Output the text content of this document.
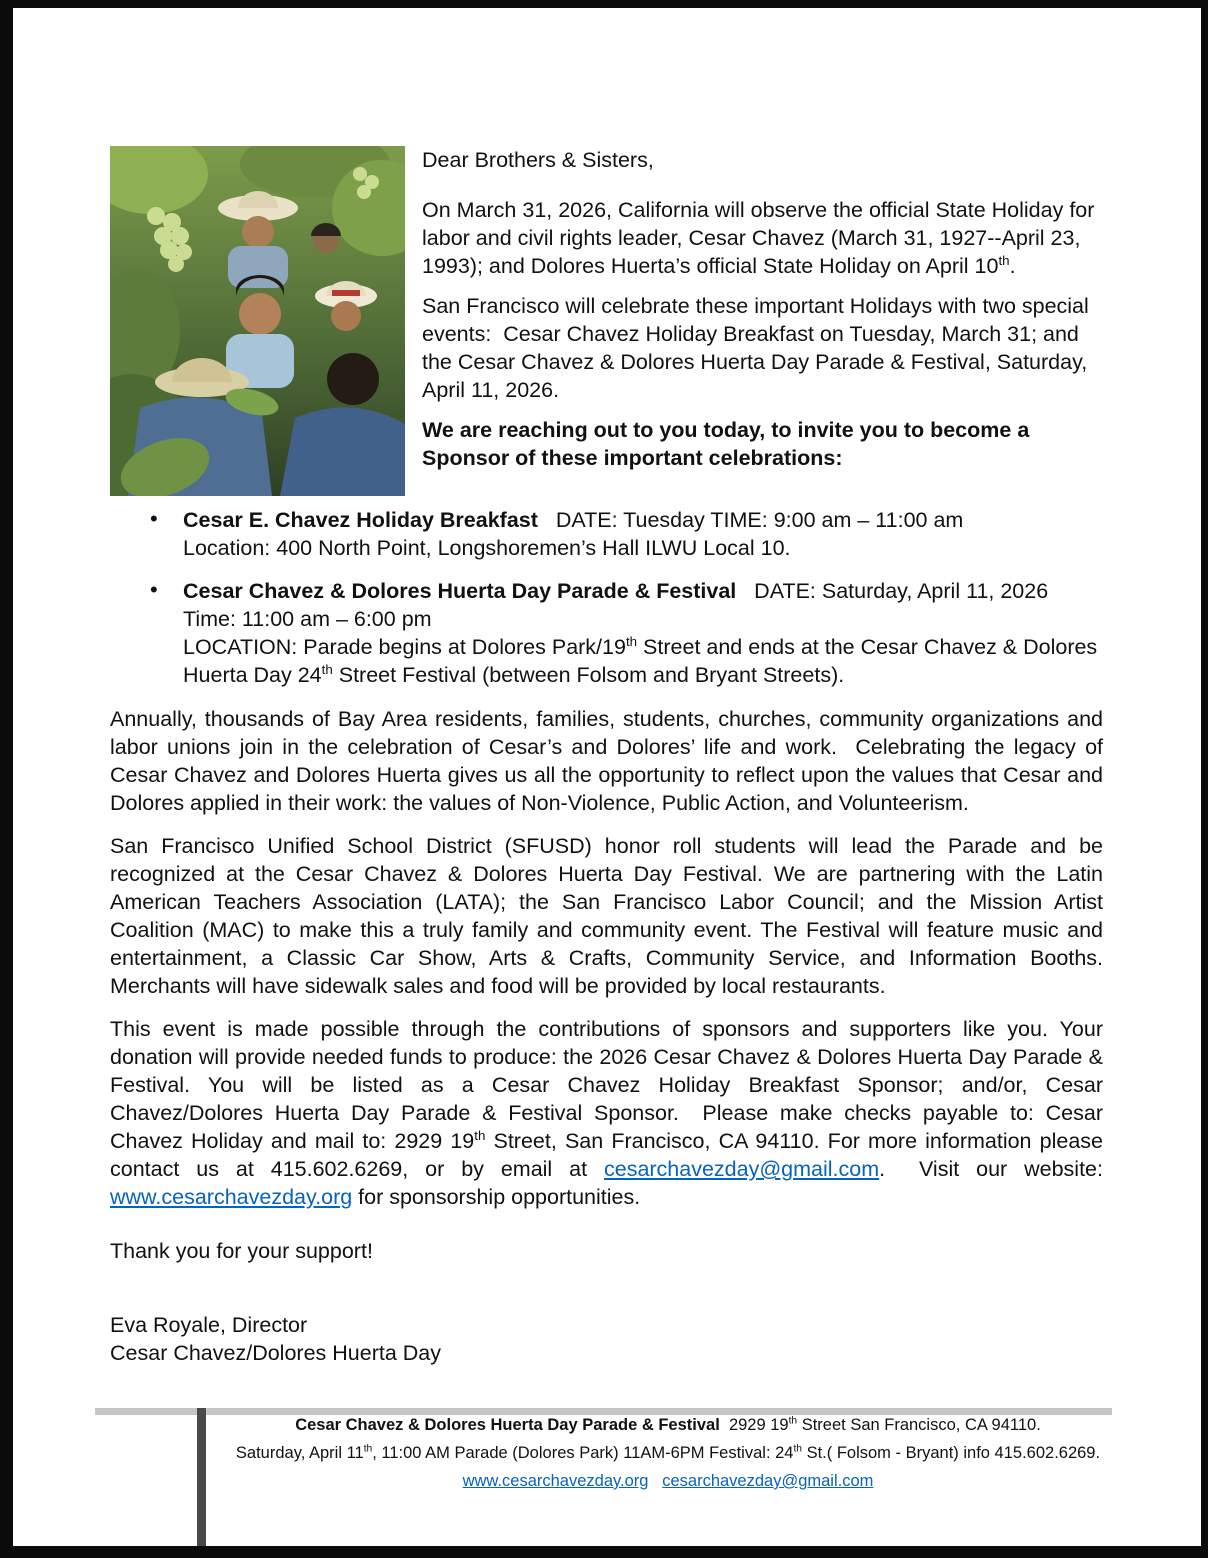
Dear Brothers & Sisters,

On March 31, 2026, California will observe the official State Holiday for labor and civil rights leader, Cesar Chavez (March 31, 1927--April 23, 1993); and Dolores Huerta’s official State Holiday on April 10th.

San Francisco will celebrate these important Holidays with two special events:  Cesar Chavez Holiday Breakfast on Tuesday, March 31; and the Cesar Chavez & Dolores Huerta Day Parade & Festival, Saturday, April 11, 2026.

We are reaching out to you today, to invite you to become a Sponsor of these important celebrations:

• Cesar E. Chavez Holiday Breakfast   DATE: Tuesday TIME: 9:00 am – 11:00 am
Location: 400 North Point, Longshoremen’s Hall ILWU Local 10.
• Cesar Chavez & Dolores Huerta Day Parade & Festival   DATE: Saturday, April 11, 2026
Time: 11:00 am – 6:00 pm
LOCATION: Parade begins at Dolores Park/19th Street and ends at the Cesar Chavez & Dolores Huerta Day 24th Street Festival (between Folsom and Bryant Streets).

Annually, thousands of Bay Area residents, families, students, churches, community organizations and labor unions join in the celebration of Cesar’s and Dolores’ life and work.  Celebrating the legacy of Cesar Chavez and Dolores Huerta gives us all the opportunity to reflect upon the values that Cesar and Dolores applied in their work: the values of Non-Violence, Public Action, and Volunteerism.

San Francisco Unified School District (SFUSD) honor roll students will lead the Parade and be recognized at the Cesar Chavez & Dolores Huerta Day Festival. We are partnering with the Latin American Teachers Association (LATA); the San Francisco Labor Council; and the Mission Artist Coalition (MAC) to make this a truly family and community event. The Festival will feature music and entertainment, a Classic Car Show, Arts & Crafts, Community Service, and Information Booths. Merchants will have sidewalk sales and food will be provided by local restaurants.

This event is made possible through the contributions of sponsors and supporters like you. Your donation will provide needed funds to produce: the 2026 Cesar Chavez & Dolores Huerta Day Parade & Festival. You will be listed as a Cesar Chavez Holiday Breakfast Sponsor; and/or, Cesar Chavez/Dolores Huerta Day Parade & Festival Sponsor.  Please make checks payable to: Cesar Chavez Holiday and mail to: 2929 19th Street, San Francisco, CA 94110. For more information please contact us at 415.602.6269, or by email at cesarchavezday@gmail.com.  Visit our website: www.cesarchavezday.org for sponsorship opportunities.

Thank you for your support!

Eva Royale, Director

Cesar Chavez/Dolores Huerta Day

Cesar Chavez & Dolores Huerta Day Parade & Festival  2929 19th Street San Francisco, CA 94110.
Saturday, April 11th, 11:00 AM Parade (Dolores Park) 11AM-6PM Festival: 24th St.( Folsom - Bryant) info 415.602.6269.
www.cesarchavezday.org cesarchavezday@gmail.com
